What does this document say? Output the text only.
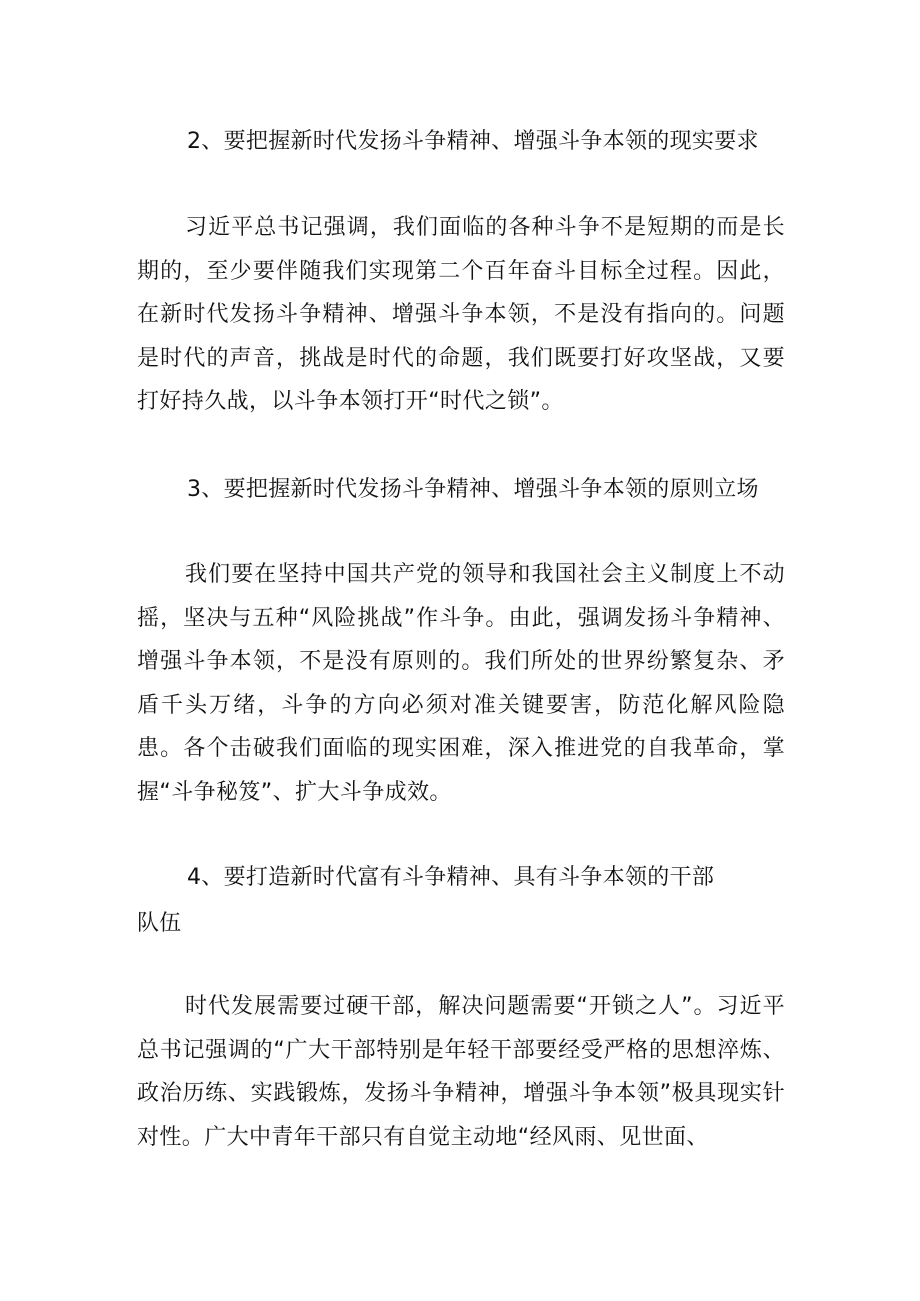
2、要把握新时代发扬斗争精神、增强斗争本领的现实要求

习近平总书记强调，我们面临的各种斗争不是短期的而是长期的，至少要伴随我们实现第二个百年奋斗目标全过程。因此，在新时代发扬斗争精神、增强斗争本领，不是没有指向的。问题是时代的声音，挑战是时代的命题，我们既要打好攻坚战，又要打好持久战，以斗争本领打开“时代之锁”。

3、要把握新时代发扬斗争精神、增强斗争本领的原则立场

我们要在坚持中国共产党的领导和我国社会主义制度上不动摇，坚决与五种“风险挑战”作斗争。由此，强调发扬斗争精神、增强斗争本领，不是没有原则的。我们所处的世界纷繁复杂、矛盾千头万绪，斗争的方向必须对准关键要害，防范化解风险隐患。各个击破我们面临的现实困难，深入推进党的自我革命，掌握“斗争秘笈”、扩大斗争成效。

4、要打造新时代富有斗争精神、具有斗争本领的干部
队伍

时代发展需要过硬干部，解决问题需要“开锁之人”。习近平总书记强调的“广大干部特别是年轻干部要经受严格的思想淬炼、政治历练、实践锻炼，发扬斗争精神，增强斗争本领”极具现实针对性。广大中青年干部只有自觉主动地“经风雨、见世面、
